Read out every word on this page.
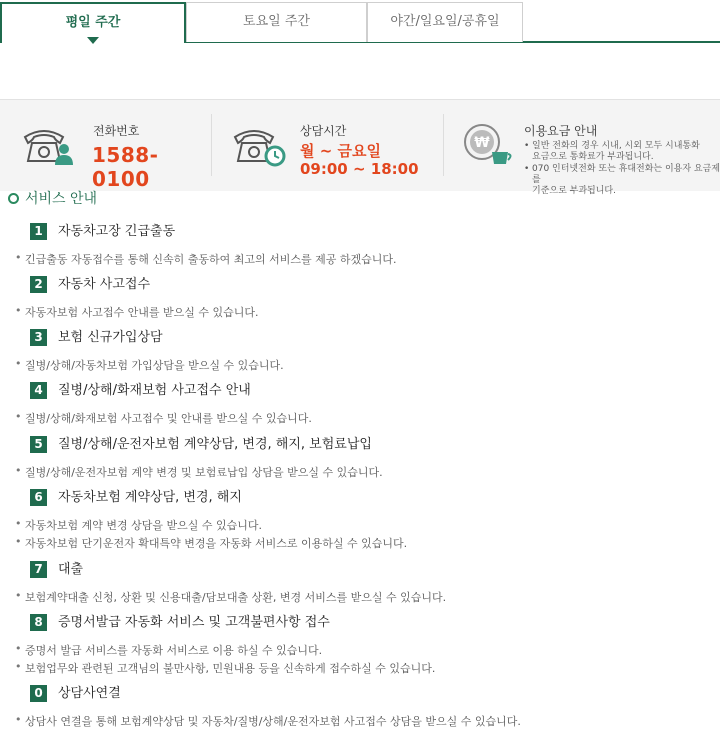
평일 주간	토요일 주간	야간/일요일/공휴일
전화번호
1588-0100
상담시간
월 ~ 금요일
09:00 ~ 18:00
₩
이용요금 안내
• 일반 전화의 경우 시내, 시외 모두 시내통화
요금으로 통화료가 부과됩니다.
• 070 인터넷전화 또는 휴대전화는 이용자 요금제를
기준으로 부과됩니다.
서비스 안내
1	자동차고장 긴급출동
• 긴급출동 자동접수를 통해 신속히 출동하여 최고의 서비스를 제공 하겠습니다.
2	자동차 사고접수
• 자동자보험 사고접수 안내를 받으실 수 있습니다.
3	보험 신규가입상담
• 질병/상해/자동차보험 가입상담을 받으실 수 있습니다.
4	질병/상해/화재보험 사고접수 안내
• 질병/상해/화재보험 사고접수 및 안내를 받으실 수 있습니다.
5	질병/상해/운전자보험 계약상담, 변경, 해지, 보험료납입
• 질병/상해/운전자보험 계약 변경 및 보험료납입 상담을 받으실 수 있습니다.
6	자동차보험 계약상담, 변경, 해지
• 자동차보험 계약 변경 상담을 받으실 수 있습니다.
• 자동차보험 단기운전자 확대특약 변경을 자동화 서비스로 이용하실 수 있습니다.
7	대출
• 보험계약대출 신청, 상환 및 신용대출/담보대출 상환, 변경 서비스를 받으실 수 있습니다.
8	증명서발급 자동화 서비스 및 고객불편사항 접수
• 증명서 발급 서비스를 자동화 서비스로 이용 하실 수 있습니다.
• 보험업무와 관련된 고객님의 불만사항, 민원내용 등을 신속하게 접수하실 수 있습니다.
0	상담사연결
• 상담사 연결을 통해 보험계약상담 및 자동차/질병/상해/운전자보험 사고접수 상담을 받으실 수 있습니다.
